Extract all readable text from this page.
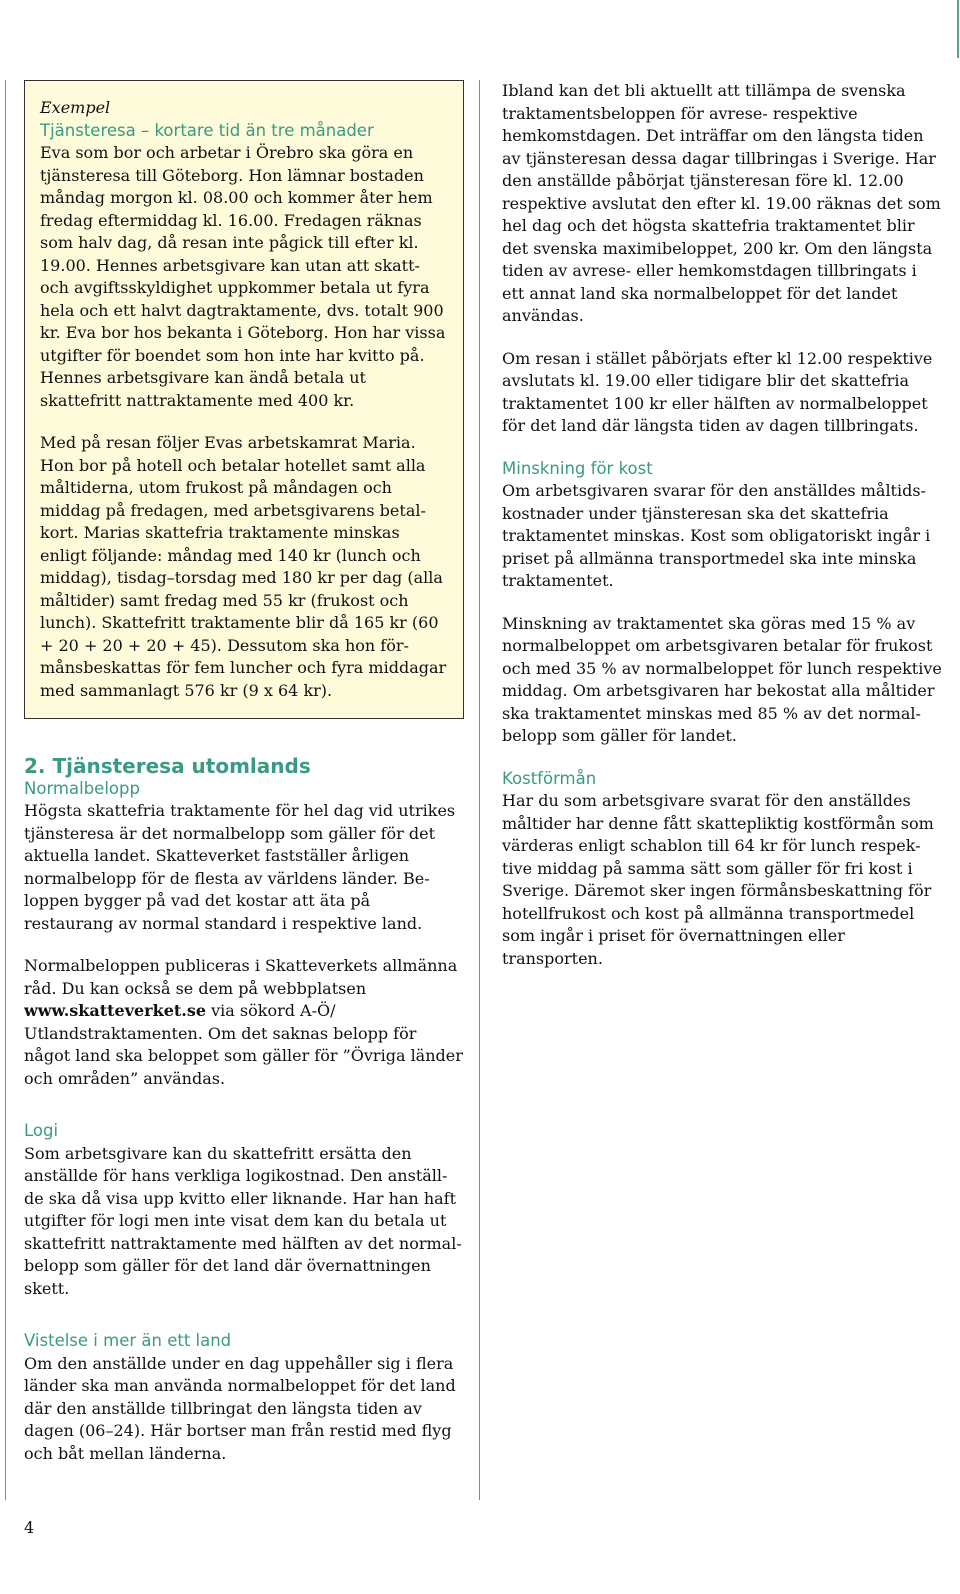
Exempel

Tjänsteresa – kortare tid än tre månader

Eva som bor och arbetar i Örebro ska göra en tjänsteresa till Göteborg. Hon lämnar bostaden måndag morgon kl. 08.00 och kommer åter hem fredag eftermiddag kl. 16.00. Fredagen räknas som halv dag, då resan inte pågick till efter kl. 19.00. Hennes arbetsgivare kan utan att skatt- och avgiftsskyldighet uppkommer betala ut fyra hela och ett halvt dagtraktamente, dvs. totalt 900 kr. Eva bor hos bekanta i Göteborg. Hon har vissa utgifter för boendet som hon inte har kvitto på. Hennes arbetsgivare kan ändå betala ut skattefritt nattraktamente med 400 kr.

Med på resan följer Evas arbetskamrat Maria. Hon bor på hotell och betalar hotellet samt alla måltiderna, utom frukost på måndagen och middag på fredagen, med arbetsgivarens betal- kort. Marias skattefria traktamente minskas enligt följande: måndag med 140 kr (lunch och middag), tisdag–torsdag med 180 kr per dag (alla måltider) samt fredag med 55 kr (frukost och lunch). Skattefritt traktamente blir då 165 kr (60 + 20 + 20 + 20 + 45). Dessutom ska hon för- månsbeskattas för fem luncher och fyra middagar med sammanlagt 576 kr (9 x 64 kr).

2. Tjänsteresa utomlands

Normalbelopp

Högsta skattefria traktamente för hel dag vid utrikes tjänsteresa är det normalbelopp som gäller för det aktuella landet. Skatteverket fastställer årligen normalbelopp för de flesta av världens länder. Be- loppen bygger på vad det kostar att äta på restaurang av normal standard i respektive land.

Normalbeloppen publiceras i Skatteverkets allmänna råd. Du kan också se dem på webbplatsen www.skatteverket.se via sökord A-Ö/ Utlandstraktamenten. Om det saknas belopp för något land ska beloppet som gäller för ”Övriga länder och områden” användas.

Logi

Som arbetsgivare kan du skattefritt ersätta den anställde för hans verkliga logikostnad. Den anställ- de ska då visa upp kvitto eller liknande. Har han haft utgifter för logi men inte visat dem kan du betala ut skattefritt nattraktamente med hälften av det normal- belopp som gäller för det land där övernattningen skett.

Vistelse i mer än ett land

Om den anställde under en dag uppehåller sig i flera länder ska man använda normalbeloppet för det land där den anställde tillbringat den längsta tiden av dagen (06–24). Här bortser man från restid med flyg och båt mellan länderna.

Ibland kan det bli aktuellt att tillämpa de svenska traktamentsbeloppen för avrese- respektive hemkomstdagen. Det inträffar om den längsta tiden av tjänsteresan dessa dagar tillbringas i Sverige. Har den anställde påbörjat tjänsteresan före kl. 12.00 respektive avslutat den efter kl. 19.00 räknas det som hel dag och det högsta skattefria traktamentet blir det svenska maximibeloppet, 200 kr. Om den längsta tiden av avrese- eller hemkomstdagen tillbringats i ett annat land ska normalbeloppet för det landet användas.

Om resan i stället påbörjats efter kl 12.00 respektive avslutats kl. 19.00 eller tidigare blir det skattefria traktamentet 100 kr eller hälften av normalbeloppet för det land där längsta tiden av dagen tillbringats.

Minskning för kost

Om arbetsgivaren svarar för den anställdes måltids- kostnader under tjänsteresan ska det skattefria traktamentet minskas. Kost som obligatoriskt ingår i priset på allmänna transportmedel ska inte minska traktamentet.

Minskning av traktamentet ska göras med 15 % av normalbeloppet om arbetsgivaren betalar för frukost och med 35 % av normalbeloppet för lunch respektive middag. Om arbetsgivaren har bekostat alla måltider ska traktamentet minskas med 85 % av det normal- belopp som gäller för landet.

Kostförmån

Har du som arbetsgivare svarat för den anställdes måltider har denne fått skattepliktig kostförmån som värderas enligt schablon till 64 kr för lunch respek- tive middag på samma sätt som gäller för fri kost i Sverige. Däremot sker ingen förmånsbeskattning för hotellfrukost och kost på allmänna transportmedel som ingår i priset för övernattningen eller transporten.

4
